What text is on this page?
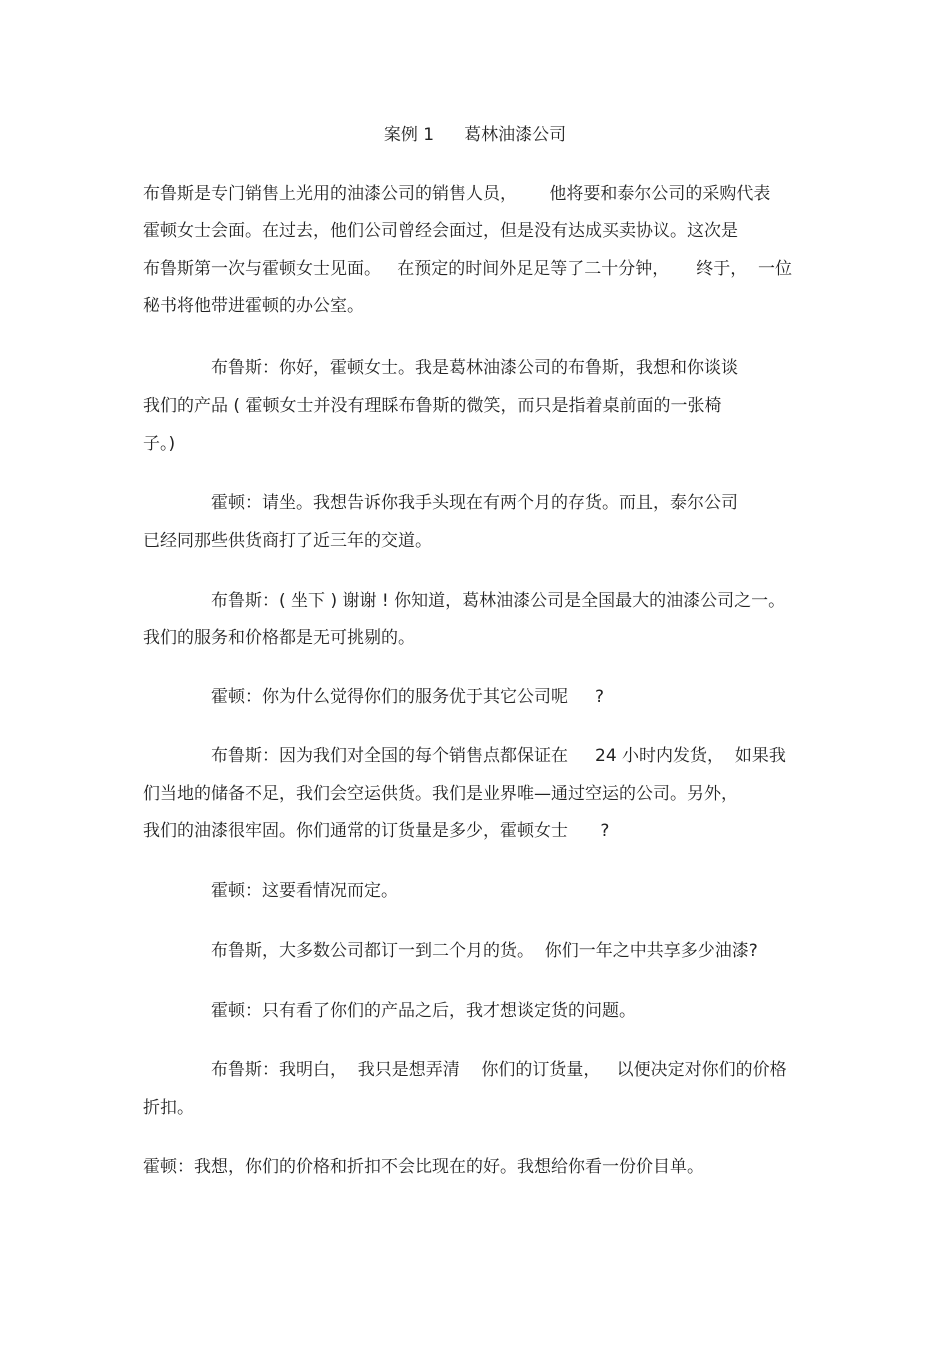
案例 1 葛林油漆公司
布鲁斯是专门销售上光用的油漆公司的销售人员，      他将要和泰尔公司的采购代表
霍顿女士会面。在过去，他们公司曾经会面过，但是没有达成买卖协议。这次是
布鲁斯第一次与霍顿女士见面。   在预定的时间外足足等了二十分钟，     终于，  一位
秘书将他带进霍顿的办公室。
布鲁斯：你好，霍顿女士。我是葛林油漆公司的布鲁斯，我想和你谈谈
我们的产品 ( 霍顿女士并没有理睬布鲁斯的微笑，而只是指着桌前面的一张椅
子。)
霍顿：请坐。我想告诉你我手头现在有两个月的存货。而且，泰尔公司
已经同那些供货商打了近三年的交道。
布鲁斯：( 坐下 ) 谢谢 ! 你知道，葛林油漆公司是全国最大的油漆公司之一。
我们的服务和价格都是无可挑剔的。
霍顿：你为什么觉得你们的服务优于其它公司呢     ?
布鲁斯：因为我们对全国的每个销售点都保证在     24 小时内发货，  如果我
们当地的储备不足，我们会空运供货。我们是业界唯—通过空运的公司。另外，
我们的油漆很牢固。你们通常的订货量是多少，霍顿女士      ?
霍顿：这要看情况而定。
布鲁斯，大多数公司都订一到二个月的货。  你们一年之中共享多少油漆?
霍顿：只有看了你们的产品之后，我才想谈定货的问题。
布鲁斯：我明白，  我只是想弄清    你们的订货量，   以便决定对你们的价格
折扣。
霍顿：我想，你们的价格和折扣不会比现在的好。我想给你看一份价目单。
